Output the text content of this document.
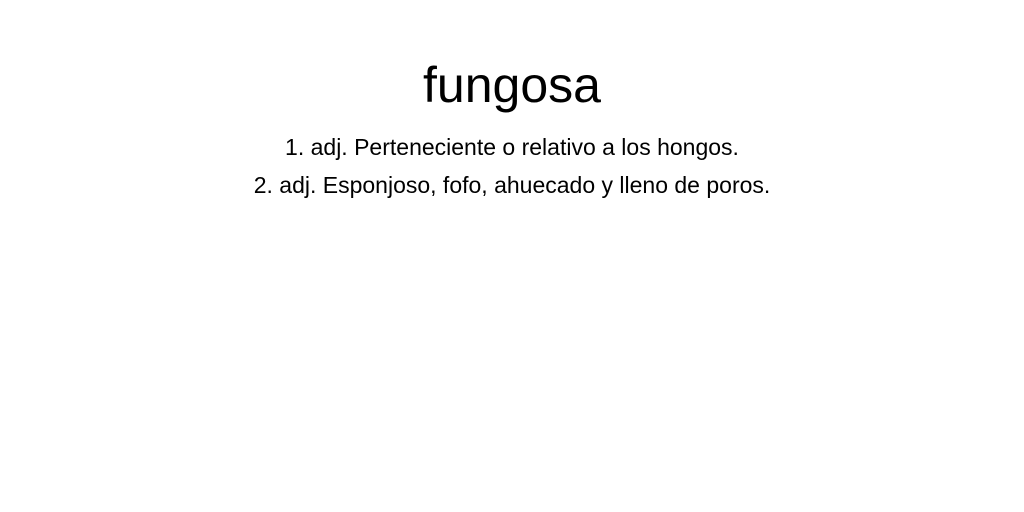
fungosa
1. adj. Perteneciente o relativo a los hongos.
2. adj. Esponjoso, fofo, ahuecado y lleno de poros.
